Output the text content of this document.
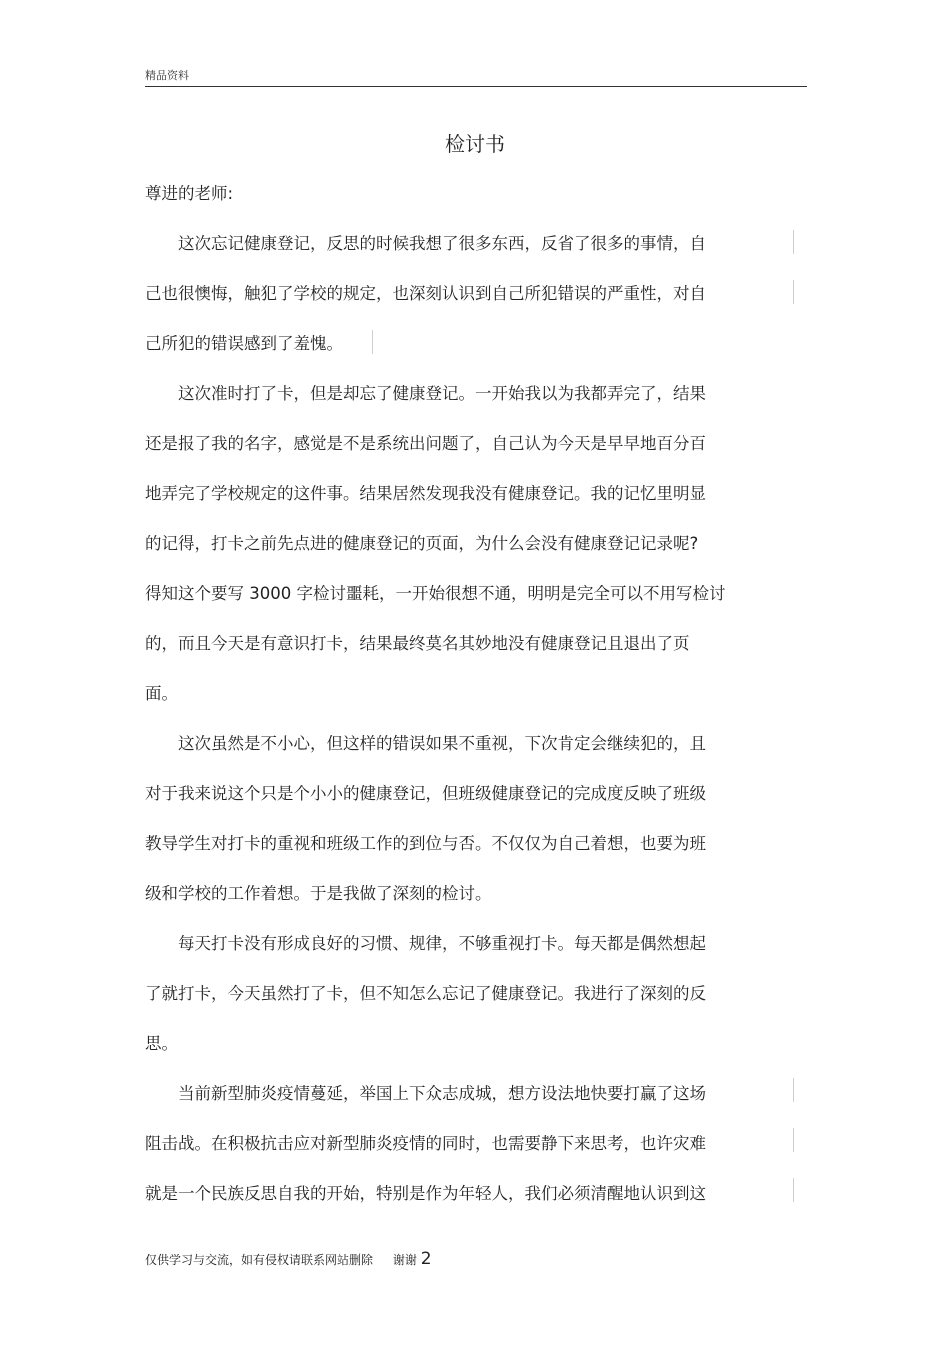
精品资料
检讨书
尊进的老师:
　　这次忘记健康登记，反思的时候我想了很多东西，反省了很多的事情，自
己也很懊悔，触犯了学校的规定，也深刻认识到自己所犯错误的严重性，对自
己所犯的错误感到了羞愧。
　　这次准时打了卡，但是却忘了健康登记。一开始我以为我都弄完了，结果
还是报了我的名字，感觉是不是系统出问题了，自己认为今天是早早地百分百
地弄完了学校规定的这件事。结果居然发现我没有健康登记。我的记忆里明显
的记得，打卡之前先点进的健康登记的页面，为什么会没有健康登记记录呢?
得知这个要写 3000 字检讨噩耗，一开始很想不通，明明是完全可以不用写检讨
的，而且今天是有意识打卡，结果最终莫名其妙地没有健康登记且退出了页
面。
　　这次虽然是不小心，但这样的错误如果不重视，下次肯定会继续犯的，且
对于我来说这个只是个小小的健康登记，但班级健康登记的完成度反映了班级
教导学生对打卡的重视和班级工作的到位与否。不仅仅为自己着想，也要为班
级和学校的工作着想。于是我做了深刻的检讨。
　　每天打卡没有形成良好的习惯、规律，不够重视打卡。每天都是偶然想起
了就打卡，今天虽然打了卡，但不知怎么忘记了健康登记。我进行了深刻的反
思。
　　当前新型肺炎疫情蔓延，举国上下众志成城，想方设法地快要打赢了这场
阻击战。在积极抗击应对新型肺炎疫情的同时，也需要静下来思考，也许灾难
就是一个民族反思自我的开始，特别是作为年轻人，我们必须清醒地认识到这
仅供学习与交流，如有侵权请联系网站删除 谢谢 2
